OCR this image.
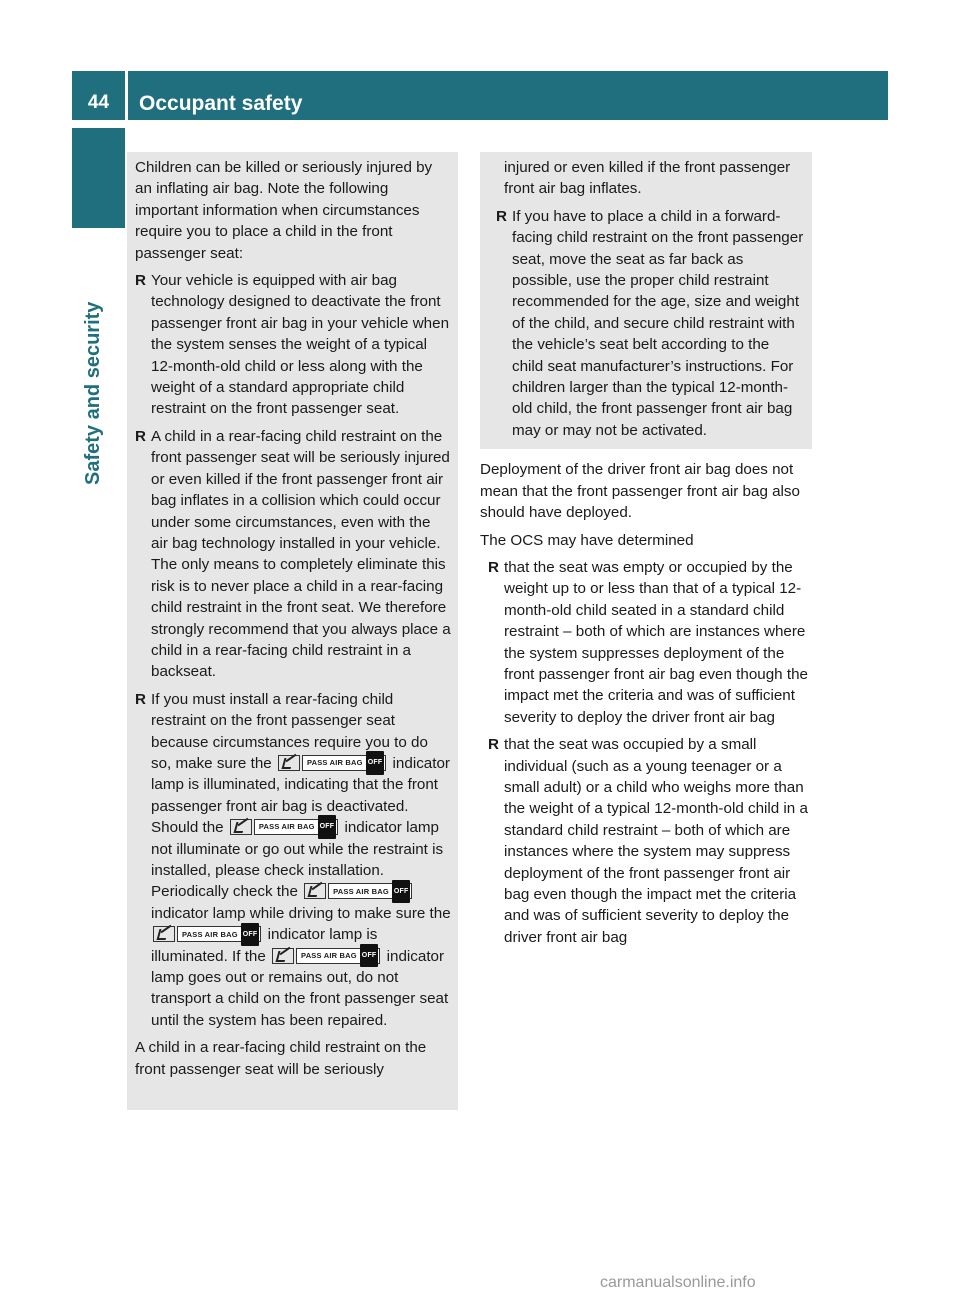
44	Occupant safety
Safety and security

Children can be killed or seriously injured by an inflating air bag. Note the following important information when circumstances require you to place a child in the front passenger seat:

R Your vehicle is equipped with air bag technology designed to deactivate the front passenger front air bag in your vehicle when the system senses the weight of a typical 12-month-old child or less along with the weight of a standard appropriate child restraint on the front passenger seat.
R A child in a rear-facing child restraint on the front passenger seat will be seriously injured or even killed if the front passenger front air bag inflates in a collision which could occur under some circumstances, even with the air bag technology installed in your vehicle. The only means to completely eliminate this risk is to never place a child in a rear-facing child restraint in the front seat. We therefore strongly recommend that you always place a child in a rear-facing child restraint in a backseat.
R If you must install a rear-facing child restraint on the front passenger seat because circumstances require you to do so, make sure the	PASS AIR BAG OFF indicator lamp is illuminated, indicating that the front passenger front air bag is deactivated. Should the	PASS AIR BAG OFF indicator lamp not illuminate or go out while the restraint is installed, please check installation. Periodically check the	PASS AIR BAG OFF
indicator lamp while driving to make sure the
PASS AIR BAG OFF indicator lamp is illuminated. If the	PASS AIR BAG OFF indicator lamp goes out or remains out, do not transport a child on the front passenger seat until the system has been repaired.

A child in a rear-facing child restraint on the front passenger seat will be seriously

injured or even killed if the front passenger front air bag inflates.

R If you have to place a child in a forward-facing child restraint on the front passenger seat, move the seat as far back as possible, use the proper child restraint recommended for the age, size and weight of the child, and secure child restraint with the vehicle’s seat belt according to the child seat manufacturer’s instructions. For children larger than the typical 12-month-old child, the front passenger front air bag may or may not be activated.

Deployment of the driver front air bag does not mean that the front passenger front air bag also should have deployed.

The OCS may have determined

R that the seat was empty or occupied by the weight up to or less than that of a typical 12-month-old child seated in a standard child restraint – both of which are instances where the system suppresses deployment of the front passenger front air bag even though the impact met the criteria and was of sufficient severity to deploy the driver front air bag
R that the seat was occupied by a small individual (such as a young teenager or a small adult) or a child who weighs more than the weight of a typical 12-month-old child in a standard child restraint – both of which are instances where the system may suppress deployment of the front passenger front air bag even though the impact met the criteria and was of sufficient severity to deploy the driver front air bag
carmanualsonline.info
